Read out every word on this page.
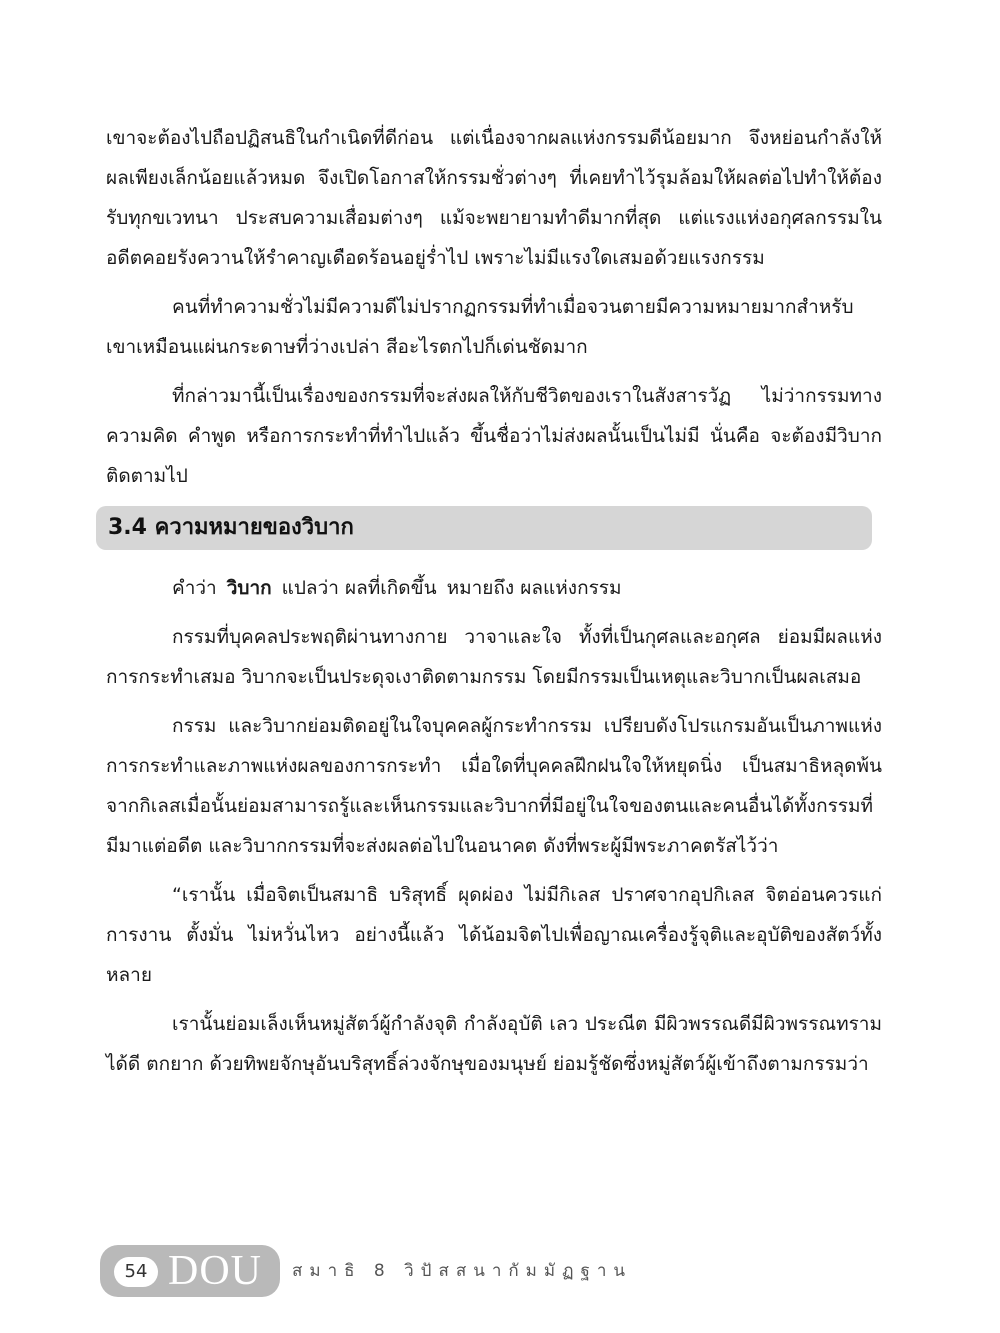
เขาจะต้องไปถือปฏิสนธิในกำเนิดที่ดีก่อน แต่เนื่องจากผลแห่งกรรมดีน้อยมาก จึงหย่อนกำลังให้ผลเพียงเล็กน้อยแล้วหมด จึงเปิดโอกาสให้กรรมชั่วต่างๆ ที่เคยทำไว้รุมล้อมให้ผลต่อไปทำให้ต้องรับทุกขเวทนา ประสบความเสื่อมต่างๆ แม้จะพยายามทำดีมากที่สุด แต่แรงแห่งอกุศลกรรมในอดีตคอยรังควานให้รำคาญเดือดร้อนอยู่ร่ำไป เพราะไม่มีแรงใดเสมอด้วยแรงกรรม

คนที่ทำความชั่วไม่มีความดีไม่ปรากฏกรรมที่ทำเมื่อจวนตายมีความหมายมากสำหรับเขาเหมือนแผ่นกระดาษที่ว่างเปล่า สีอะไรตกไปก็เด่นชัดมาก

ที่กล่าวมานี้เป็นเรื่องของกรรมที่จะส่งผลให้กับชีวิตของเราในสังสารวัฏ ไม่ว่ากรรมทางความคิด คำพูด หรือการกระทำที่ทำไปแล้ว ขึ้นชื่อว่าไม่ส่งผลนั้นเป็นไม่มี นั่นคือ จะต้องมีวิบากติดตามไป

3.4 ความหมายของวิบาก

คำว่า วิบาก แปลว่า ผลที่เกิดขึ้น หมายถึง ผลแห่งกรรม

กรรมที่บุคคลประพฤติผ่านทางกาย วาจาและใจ ทั้งที่เป็นกุศลและอกุศล ย่อมมีผลแห่งการกระทำเสมอ วิบากจะเป็นประดุจเงาติดตามกรรม โดยมีกรรมเป็นเหตุและวิบากเป็นผลเสมอ

กรรม และวิบากย่อมติดอยู่ในใจบุคคลผู้กระทำกรรม เปรียบดังโปรแกรมอันเป็นภาพแห่งการกระทำและภาพแห่งผลของการกระทำ เมื่อใดที่บุคคลฝึกฝนใจให้หยุดนิ่ง เป็นสมาธิหลุดพ้นจากกิเลสเมื่อนั้นย่อมสามารถรู้และเห็นกรรมและวิบากที่มีอยู่ในใจของตนและคนอื่นได้ทั้งกรรมที่มีมาแต่อดีต และวิบากกรรมที่จะส่งผลต่อไปในอนาคต ดังที่พระผู้มีพระภาคตรัสไว้ว่า

“เรานั้น เมื่อจิตเป็นสมาธิ บริสุทธิ์ ผุดผ่อง ไม่มีกิเลส ปราศจากอุปกิเลส จิตอ่อนควรแก่การงาน ตั้งมั่น ไม่หวั่นไหว อย่างนี้แล้ว ได้น้อมจิตไปเพื่อญาณเครื่องรู้จุติและอุบัติของสัตว์ทั้งหลาย

เรานั้นย่อมเล็งเห็นหมู่สัตว์ผู้กำลังจุติ กำลังอุบัติ เลว ประณีต มีผิวพรรณดีมีผิวพรรณทราม ได้ดี ตกยาก ด้วยทิพยจักษุอันบริสุทธิ์ล่วงจักษุของมนุษย์ ย่อมรู้ชัดซึ่งหมู่สัตว์ผู้เข้าถึงตามกรรมว่า

54 DOU สมาธิ 8 วิปัสสนากัมมัฏฐาน
